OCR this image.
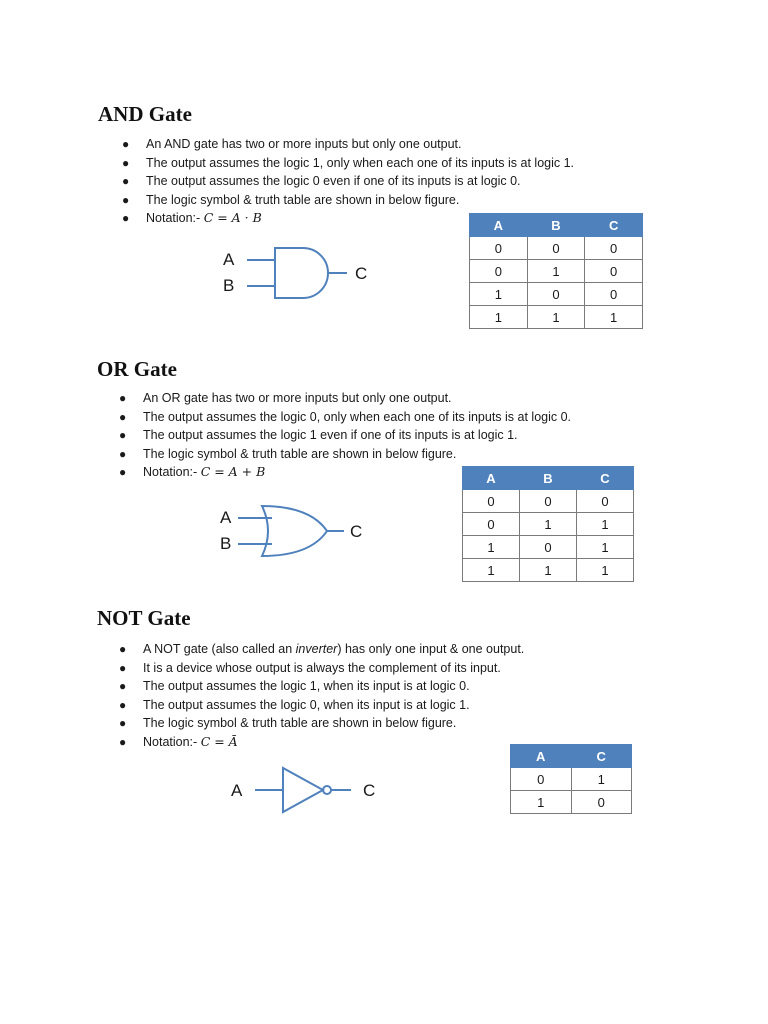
AND Gate
● An AND gate has two or more inputs but only one output.
● The output assumes the logic 1, only when each one of its inputs is at logic 1.
● The output assumes the logic 0 even if one of its inputs is at logic 0.
● The logic symbol & truth table are shown in below figure.
● Notation:- C = A · B
A
B
C
A	B	C
0	0	0
0	1	0
1	0	0
1	1	1
OR Gate
● An OR gate has two or more inputs but only one output.
● The output assumes the logic 0, only when each one of its inputs is at logic 0.
● The output assumes the logic 1 even if one of its inputs is at logic 1.
● The logic symbol & truth table are shown in below figure.
● Notation:- C = A + B
A
B
C
A	B	C
0	0	0
0	1	1
1	0	1
1	1	1
NOT Gate
● A NOT gate (also called an inverter) has only one input & one output.
● It is a device whose output is always the complement of its input.
● The output assumes the logic 1, when its input is at logic 0.
● The output assumes the logic 0, when its input is at logic 1.
● The logic symbol & truth table are shown in below figure.
● Notation:- C = Ā
A	C
A	C
0	1
1	0
